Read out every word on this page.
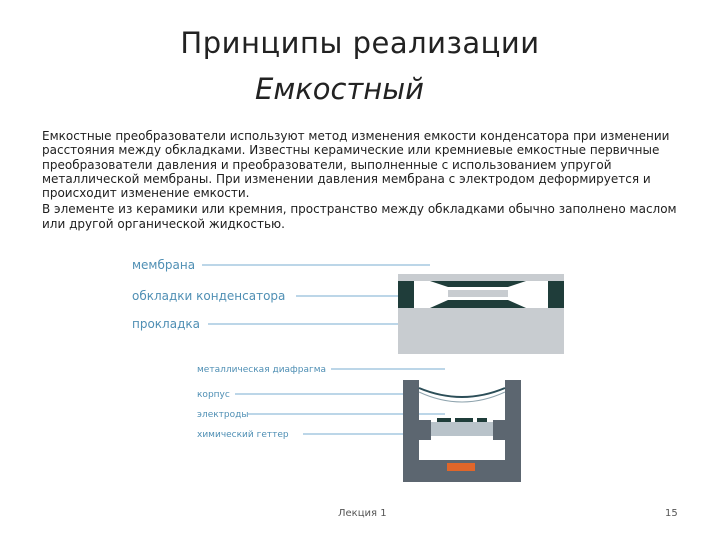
Принципы реализации
Емкостный

Емкостные преобразователи используют метод изменения емкости конденсатора при изменении расстояния между обкладками. Известны керамические или кремниевые емкостные первичные преобразователи давления и преобразователи, выполненные с использованием упругой металлической мембраны. При изменении давления мембрана с электродом деформируется и происходит изменение емкости.

В элементе из керамики или кремния, пространство между обкладками обычно заполнено маслом или другой органической жидкостью.

мембрана
обкладки конденсатора
прокладка
металлическая диафрагма
корпус
электроды
химический геттер
Лекция 1	15
